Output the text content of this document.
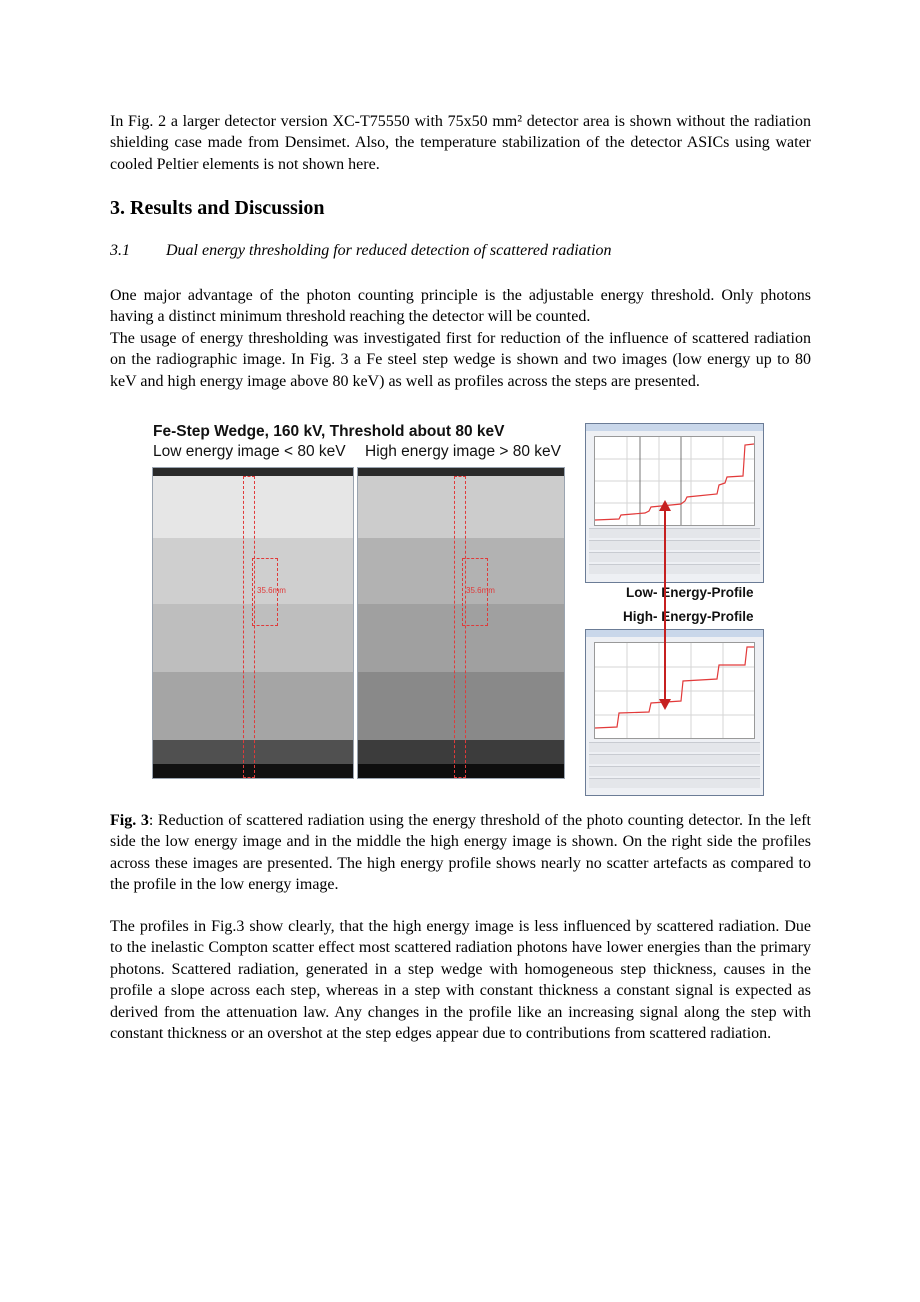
In Fig. 2 a larger detector version XC-T75550 with 75x50 mm² detector area is shown without the radiation shielding case made from Densimet. Also, the temperature stabilization of the detector ASICs using water cooled Peltier elements is not shown here.

3. Results and Discussion

3.1 Dual energy thresholding for reduced detection of scattered radiation

One major advantage of the photon counting principle is the adjustable energy threshold. Only photons having a distinct minimum threshold reaching the detector will be counted.

The usage of energy thresholding was investigated first for reduction of the influence of scattered radiation on the radiographic image. In Fig. 3 a Fe steel step wedge is shown and two images (low energy up to 80 keV and high energy image above 80 keV) as well as profiles across the steps are presented.

Fe-Step Wedge, 160 kV, Threshold about 80 keV
Low energy image < 80 keV High energy image > 80 keV
35.6mm	35.6mm	Low- Energy-Profile
High- Energy-Profile

Fig. 3: Reduction of scattered radiation using the energy threshold of the photo counting detector. In the left side the low energy image and in the middle the high energy image is shown. On the right side the profiles across these images are presented. The high energy profile shows nearly no scatter artefacts as compared to the profile in the low energy image.

The profiles in Fig.3 show clearly, that the high energy image is less influenced by scattered radiation. Due to the inelastic Compton scatter effect most scattered radiation photons have lower energies than the primary photons. Scattered radiation, generated in a step wedge with homogeneous step thickness, causes in the profile a slope across each step, whereas in a step with constant thickness a constant signal is expected as derived from the attenuation law. Any changes in the profile like an increasing signal along the step with constant thickness or an overshot at the step edges appear due to contributions from scattered radiation.
